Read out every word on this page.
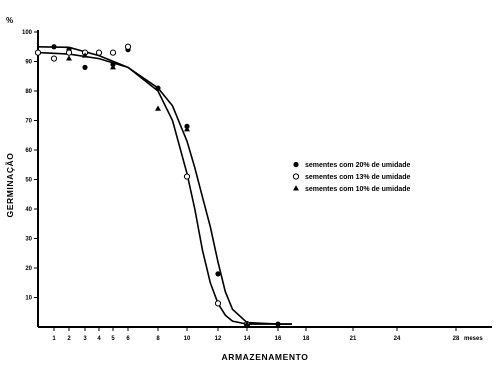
10
20
30
40
50
60
70
80
90
100
1 2 3 4 5 6	8	10	12	14	16	18	21	24	28
%
meses
GERMINAÇÃO
ARMAZENAMENTO
sementes com 20% de umidade
sementes com 13% de umidade
sementes com 10% de umidade
